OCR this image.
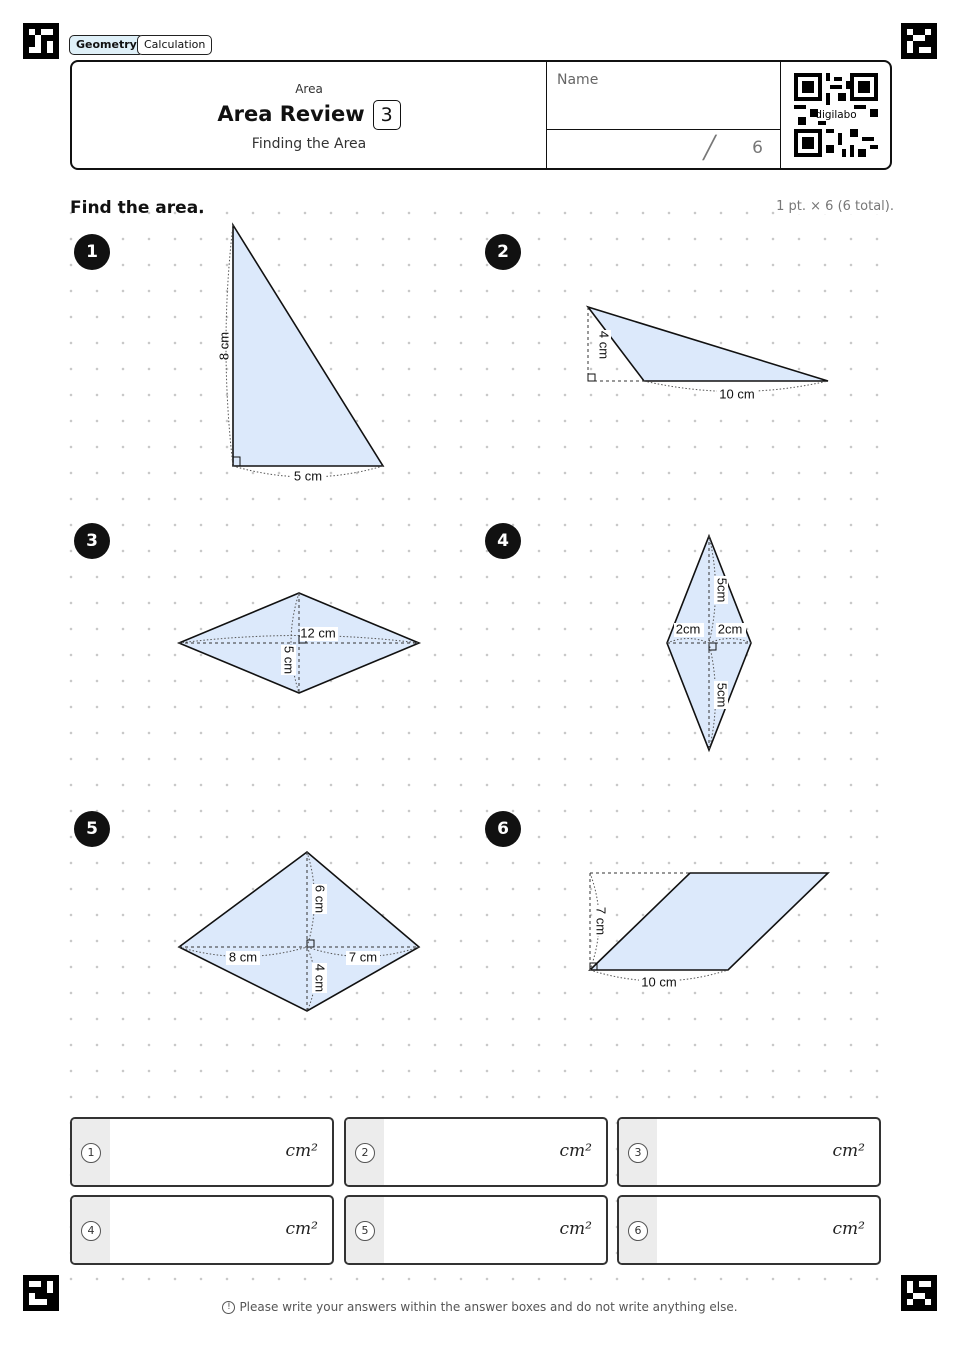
Geometry Calculation
Area
Area Review 3
Finding the Area
Name
╱ 6
digilabo
Find the area.	1 pt. × 6 (6 total).
1	2
3	4
5	6
8 cm
5 cm
4 cm
10 cm
12 cm
5 cm
5cm
2cm 2cm
5cm
6 cm
8 cm	7 cm
4 cm
7 cm
10 cm
1	cm²	2	cm²	3	cm²
4	cm²	5	cm²	6	cm²
! Please write your answers within the answer boxes and do not write anything else.
